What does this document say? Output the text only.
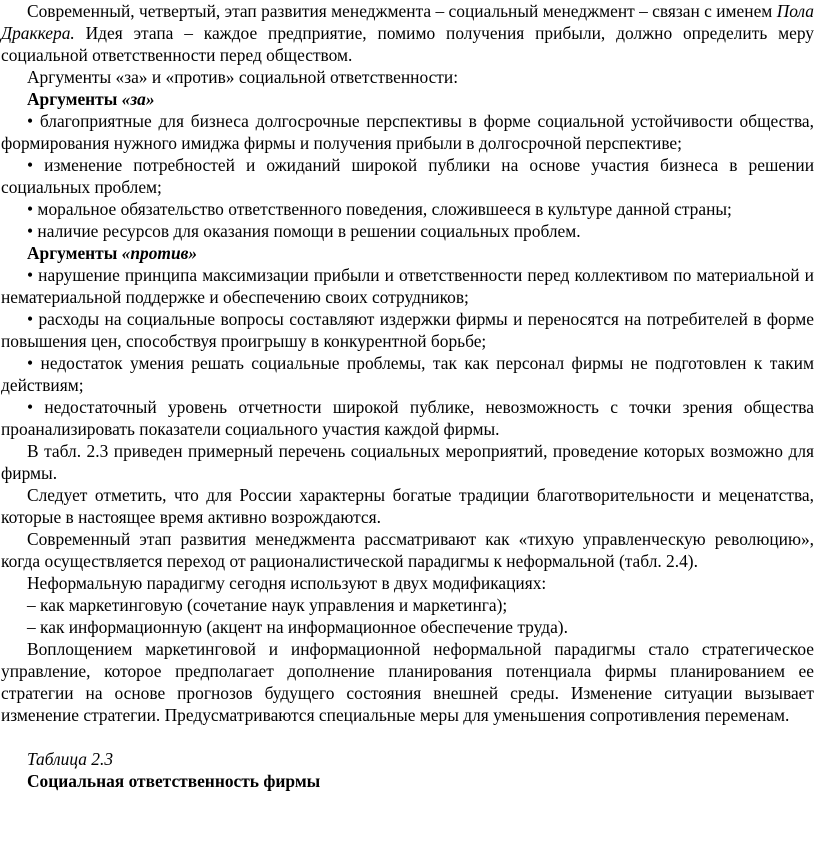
Современный, четвертый, этап развития менеджмента – социальный менеджмент – связан с именем Пола Драккера. Идея этапа – каждое предприятие, помимо получения прибыли, должно определить меру социальной ответственности перед обществом.

Аргументы «за» и «против» социальной ответственности:

Аргументы «за»

• благоприятные для бизнеса долгосрочные перспективы в форме социальной устойчивости общества, формирования нужного имиджа фирмы и получения прибыли в долгосрочной перспективе;

• изменение потребностей и ожиданий широкой публики на основе участия бизнеса в решении социальных проблем;

• моральное обязательство ответственного поведения, сложившееся в культуре данной страны;

• наличие ресурсов для оказания помощи в решении социальных проблем.

Аргументы «против»

• нарушение принципа максимизации прибыли и ответственности перед коллективом по материальной и нематериальной поддержке и обеспечению своих сотрудников;

• расходы на социальные вопросы составляют издержки фирмы и переносятся на потребителей в форме повышения цен, способствуя проигрышу в конкурентной борьбе;

• недостаток умения решать социальные проблемы, так как персонал фирмы не подготовлен к таким действиям;

• недостаточный уровень отчетности широкой публике, невозможность с точки зрения общества проанализировать показатели социального участия каждой фирмы.

В табл. 2.3 приведен примерный перечень социальных мероприятий, проведение которых возможно для фирмы.

Следует отметить, что для России характерны богатые традиции благотворительности и меценатства, которые в настоящее время активно возрождаются.

Современный этап развития менеджмента рассматривают как «тихую управленческую революцию», когда осуществляется переход от рационалистической парадигмы к неформальной (табл. 2.4).

Неформальную парадигму сегодня используют в двух модификациях:

– как маркетинговую (сочетание наук управления и маркетинга);

– как информационную (акцент на информационное обеспечение труда).

Воплощением маркетинговой и информационной неформальной парадигмы стало стратегическое управление, которое предполагает дополнение планирования потенциала фирмы планированием ее стратегии на основе прогнозов будущего состояния внешней среды. Изменение ситуации вызывает изменение стратегии. Предусматриваются специальные меры для уменьшения сопротивления переменам.

Таблица 2.3

Социальная ответственность фирмы
